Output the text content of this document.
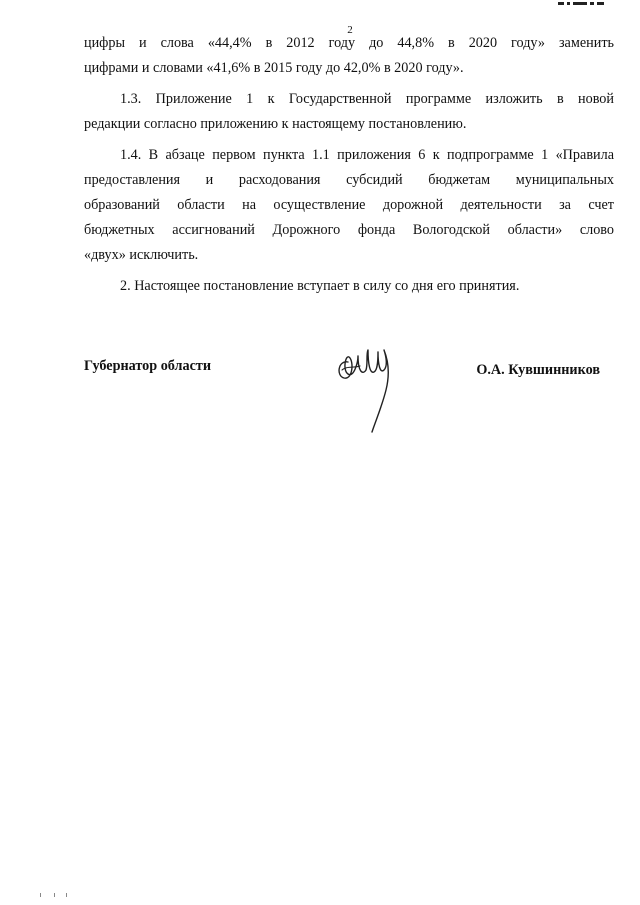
2

цифры и слова «44,4% в 2012 году до 44,8% в 2020 году» заменить
цифрами и словами «41,6% в 2015 году до 42,0% в 2020 году».

1.3. Приложение 1 к Государственной программе изложить в новой
редакции согласно приложению к настоящему постановлению.

1.4. В абзаце первом пункта 1.1 приложения 6 к подпрограмме 1 «Правила
предоставления и расходования субсидий бюджетам муниципальных
образований области на осуществление дорожной деятельности за счет
бюджетных ассигнований Дорожного фонда Вологодской области» слово
«двух» исключить.

2. Настоящее постановление вступает в силу со дня его принятия.

Губернатор области	О.А. Кувшинников
